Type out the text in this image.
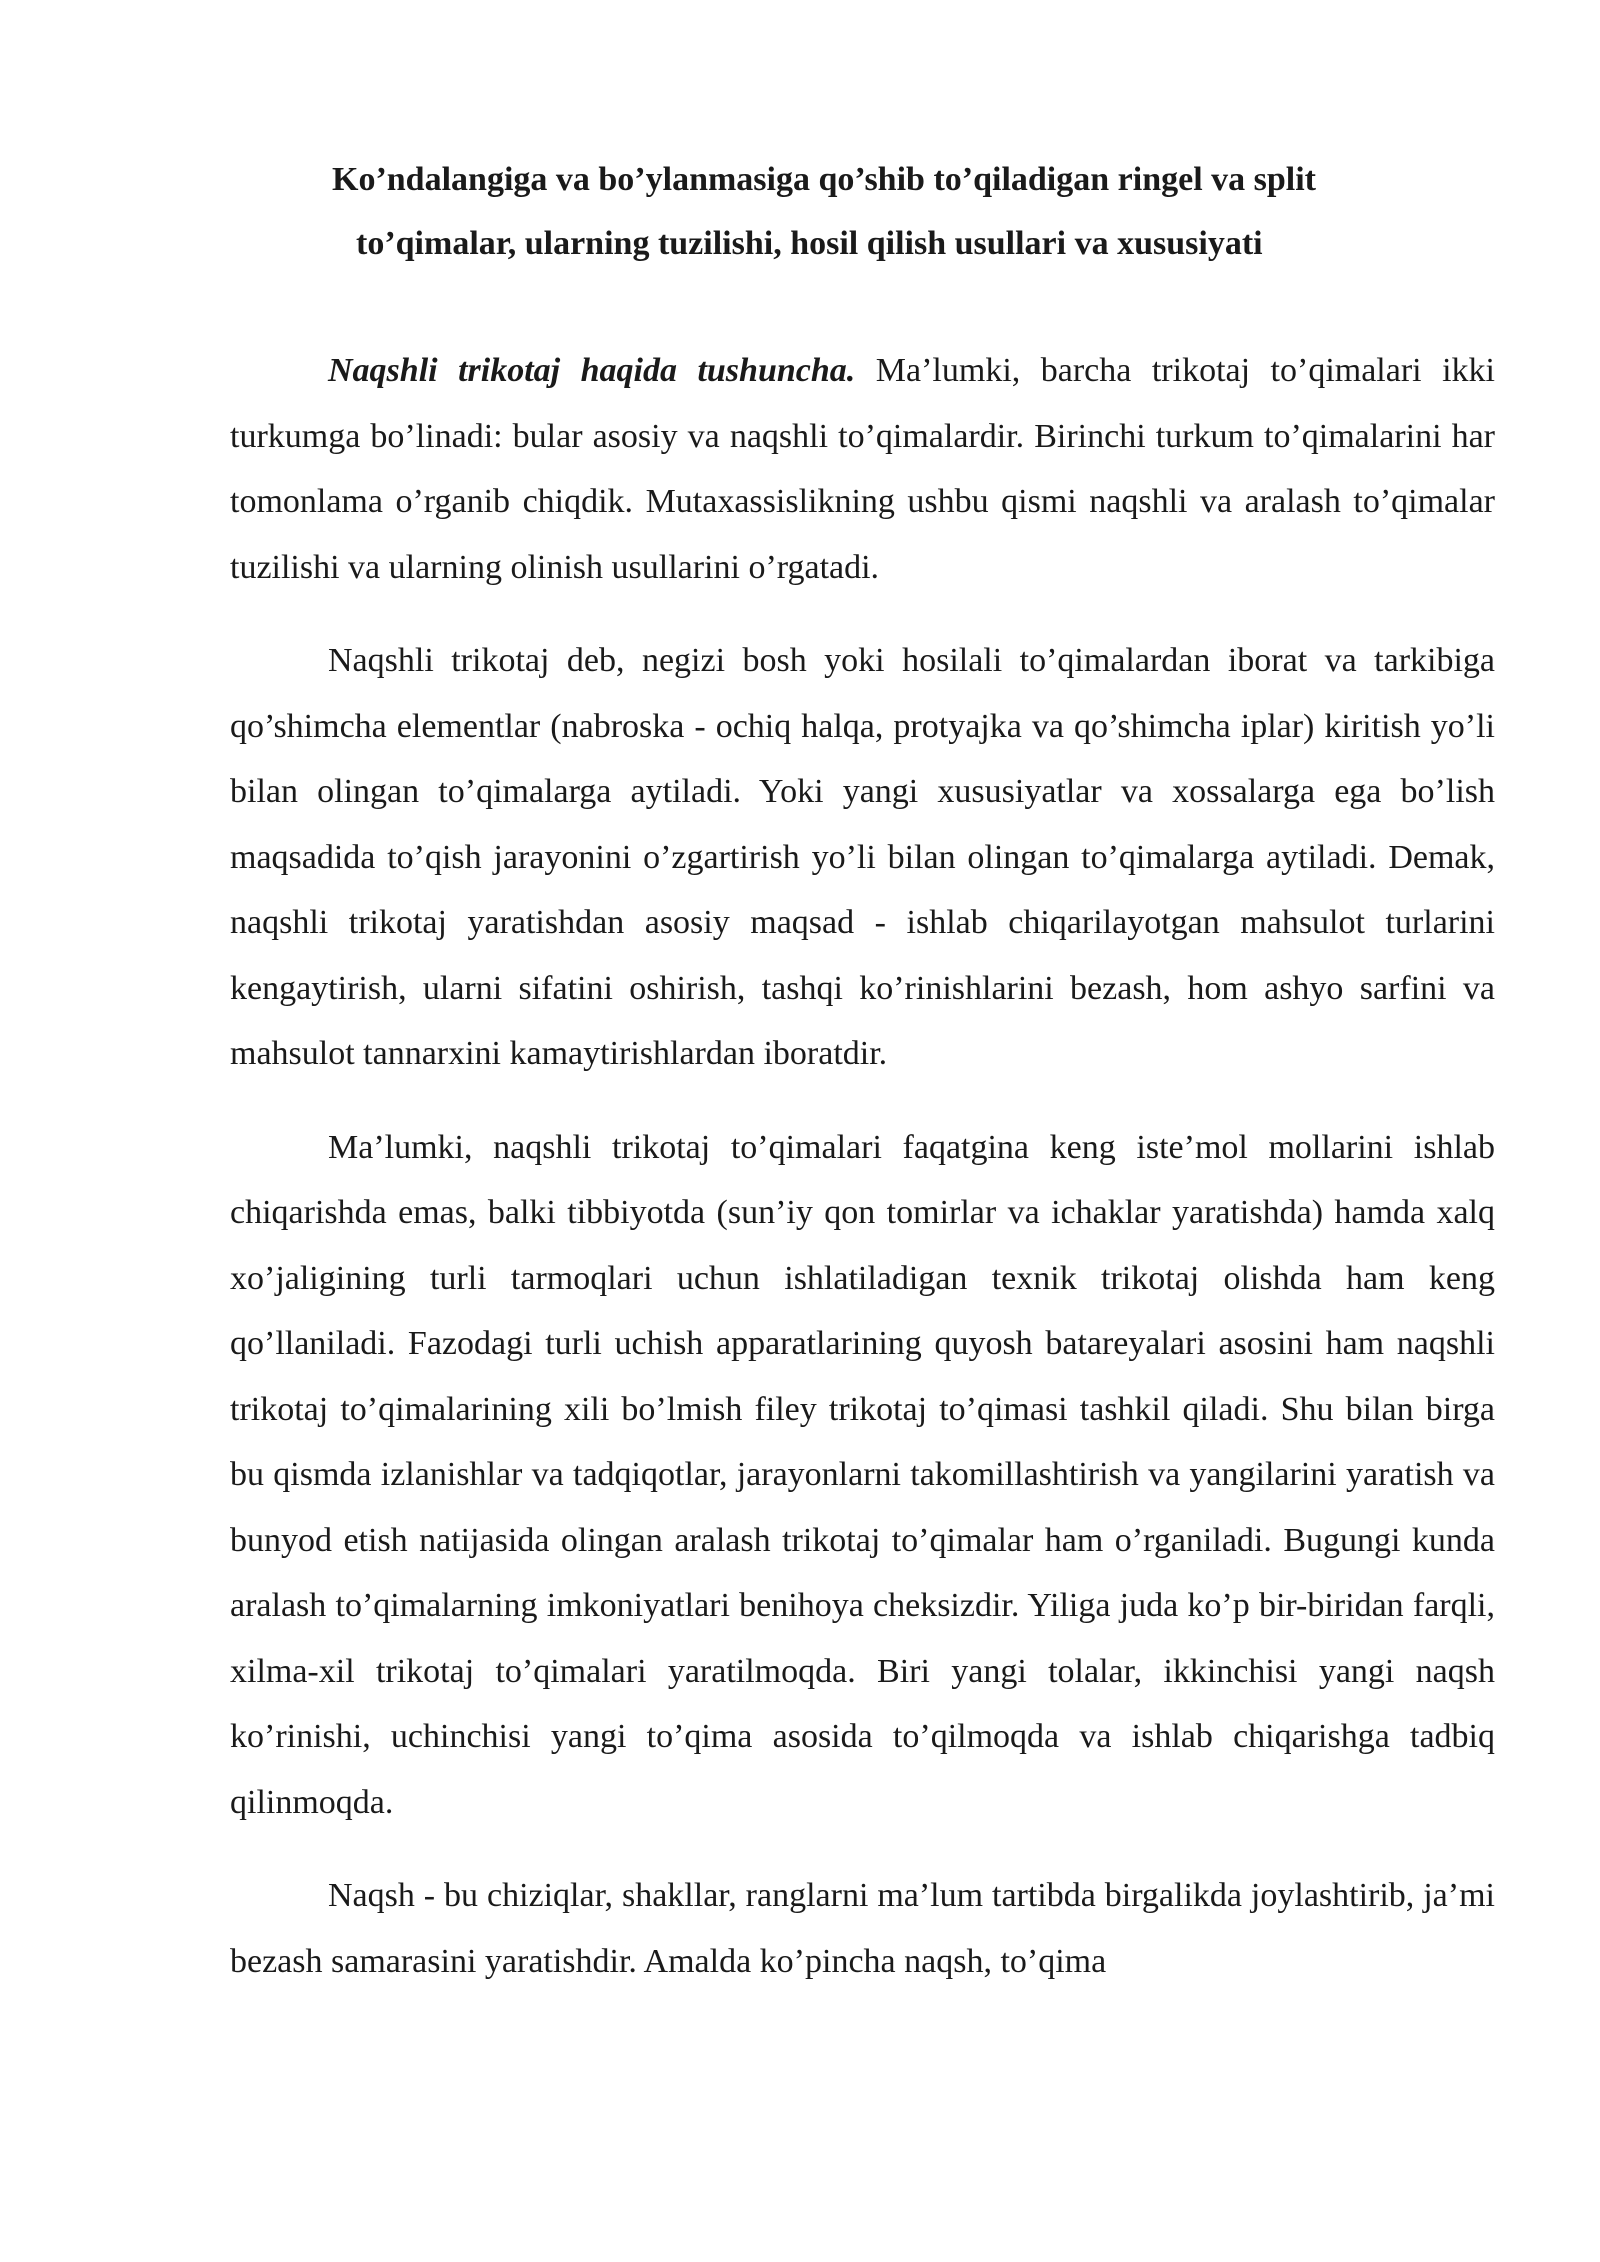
Ko’ndalangiga va bo’ylanmasiga qo’shib to’qiladigan ringel va split
to’qimalar, ularning tuzilishi, hosil qilish usullari va xususiyati

Naqshli trikotaj haqida tushuncha. Ma’lumki, barcha trikotaj to’qimalari ikki turkumga bo’linadi: bular asosiy va naqshli to’qimalardir. Birinchi turkum to’qimalarini har tomonlama o’rganib chiqdik. Mutaxassislikning ushbu qismi naqshli va aralash to’qimalar tuzilishi va ularning olinish usullarini o’rgatadi.

Naqshli trikotaj deb, negizi bosh yoki hosilali to’qimalardan iborat va tarkibiga qo’shimcha elementlar (nabroska - ochiq halqa, protyajka va qo’shimcha iplar) kiritish yo’li bilan olingan to’qimalarga aytiladi. Yoki yangi xususiyatlar va xossalarga ega bo’lish maqsadida to’qish jarayonini o’zgartirish yo’li bilan olingan to’qimalarga aytiladi. Demak, naqshli trikotaj yaratishdan asosiy maqsad - ishlab chiqarilayotgan mahsulot turlarini kengaytirish, ularni sifatini oshirish, tashqi ko’rinishlarini bezash, hom ashyo sarfini va mahsulot tannarxini kamaytirishlardan iboratdir.

Ma’lumki, naqshli trikotaj to’qimalari faqatgina keng iste’mol mollarini ishlab chiqarishda emas, balki tibbiyotda (sun’iy qon tomirlar va ichaklar yaratishda) hamda xalq xo’jaligining turli tarmoqlari uchun ishlatiladigan texnik trikotaj olishda ham keng qo’llaniladi. Fazodagi turli uchish apparatlarining quyosh batareyalari asosini ham naqshli trikotaj to’qimalarining xili bo’lmish filey trikotaj to’qimasi tashkil qiladi. Shu bilan birga bu qismda izlanishlar va tadqiqotlar, jarayonlarni takomillashtirish va yangilarini yaratish va bunyod etish natijasida olingan aralash trikotaj to’qimalar ham o’rganiladi. Bugungi kunda aralash to’qimalarning imkoniyatlari benihoya cheksizdir. Yiliga juda ko’p bir-biridan farqli, xilma-xil trikotaj to’qimalari yaratilmoqda. Biri yangi tolalar, ikkinchisi yangi naqsh ko’rinishi, uchinchisi yangi to’qima asosida to’qilmoqda va ishlab chiqarishga tadbiq qilinmoqda.

Naqsh - bu chiziqlar, shakllar, ranglarni ma’lum tartibda birgalikda joylashtirib, ja’mi bezash samarasini yaratishdir. Amalda ko’pincha naqsh, to’qima
